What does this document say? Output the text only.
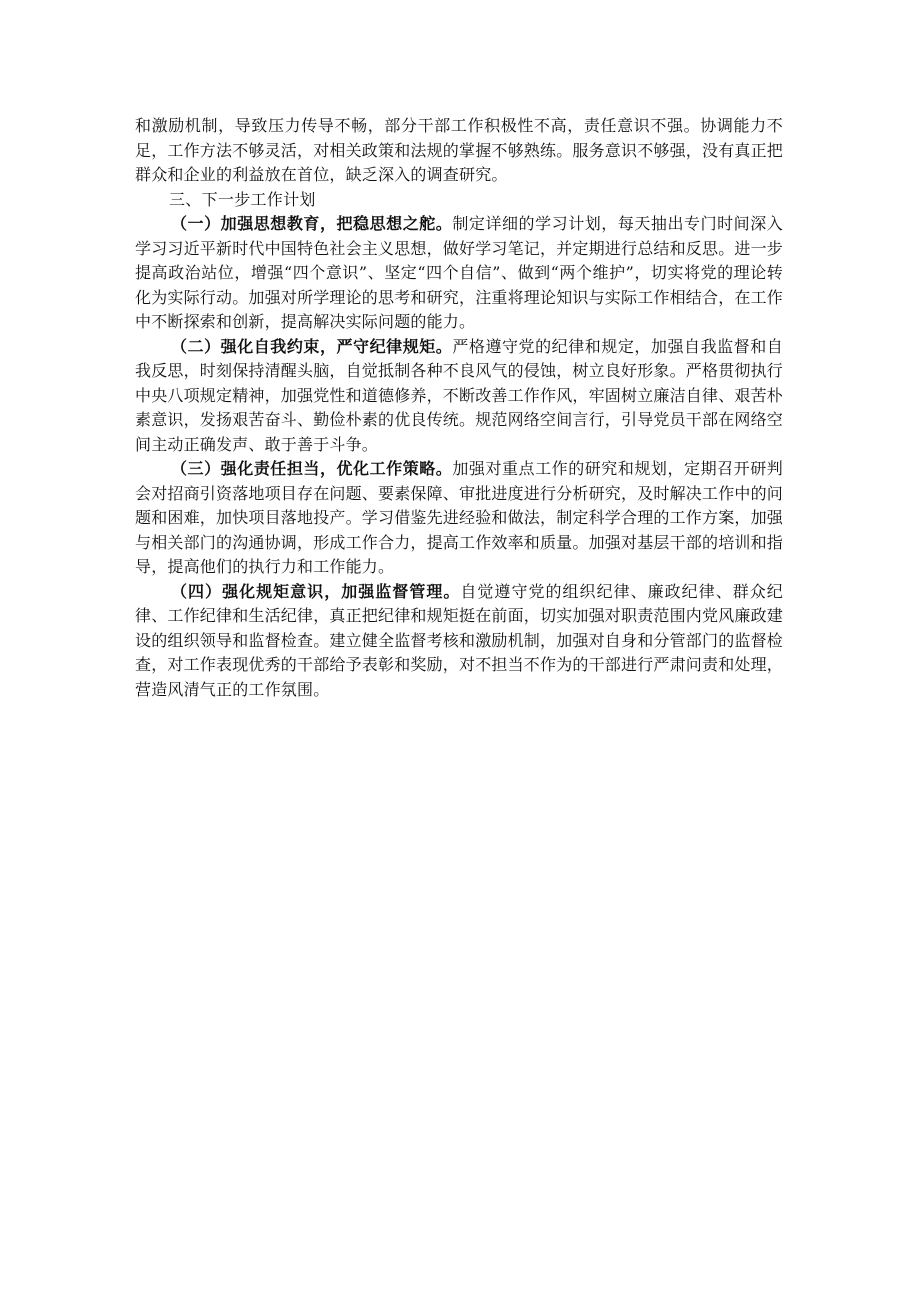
和激励机制，导致压力传导不畅，部分干部工作积极性不高，责任意识不强。协调能力不足，工作方法不够灵活，对相关政策和法规的掌握不够熟练。服务意识不够强，没有真正把群众和企业的利益放在首位，缺乏深入的调查研究。

三、下一步工作计划

（一）加强思想教育，把稳思想之舵。制定详细的学习计划，每天抽出专门时间深入学习习近平新时代中国特色社会主义思想，做好学习笔记，并定期进行总结和反思。进一步提高政治站位，增强“四个意识”、坚定“四个自信”、做到“两个维护”，切实将党的理论转化为实际行动。加强对所学理论的思考和研究，注重将理论知识与实际工作相结合，在工作中不断探索和创新，提高解决实际问题的能力。

（二）强化自我约束，严守纪律规矩。严格遵守党的纪律和规定，加强自我监督和自我反思，时刻保持清醒头脑，自觉抵制各种不良风气的侵蚀，树立良好形象。严格贯彻执行中央八项规定精神，加强党性和道德修养，不断改善工作作风，牢固树立廉洁自律、艰苦朴素意识，发扬艰苦奋斗、勤俭朴素的优良传统。规范网络空间言行，引导党员干部在网络空间主动正确发声、敢于善于斗争。

（三）强化责任担当，优化工作策略。加强对重点工作的研究和规划，定期召开研判会对招商引资落地项目存在问题、要素保障、审批进度进行分析研究，及时解决工作中的问题和困难，加快项目落地投产。学习借鉴先进经验和做法，制定科学合理的工作方案，加强与相关部门的沟通协调，形成工作合力，提高工作效率和质量。加强对基层干部的培训和指导，提高他们的执行力和工作能力。

（四）强化规矩意识，加强监督管理。自觉遵守党的组织纪律、廉政纪律、群众纪律、工作纪律和生活纪律，真正把纪律和规矩挺在前面，切实加强对职责范围内党风廉政建设的组织领导和监督检查。建立健全监督考核和激励机制，加强对自身和分管部门的监督检查，对工作表现优秀的干部给予表彰和奖励，对不担当不作为的干部进行严肃问责和处理，营造风清气正的工作氛围。
